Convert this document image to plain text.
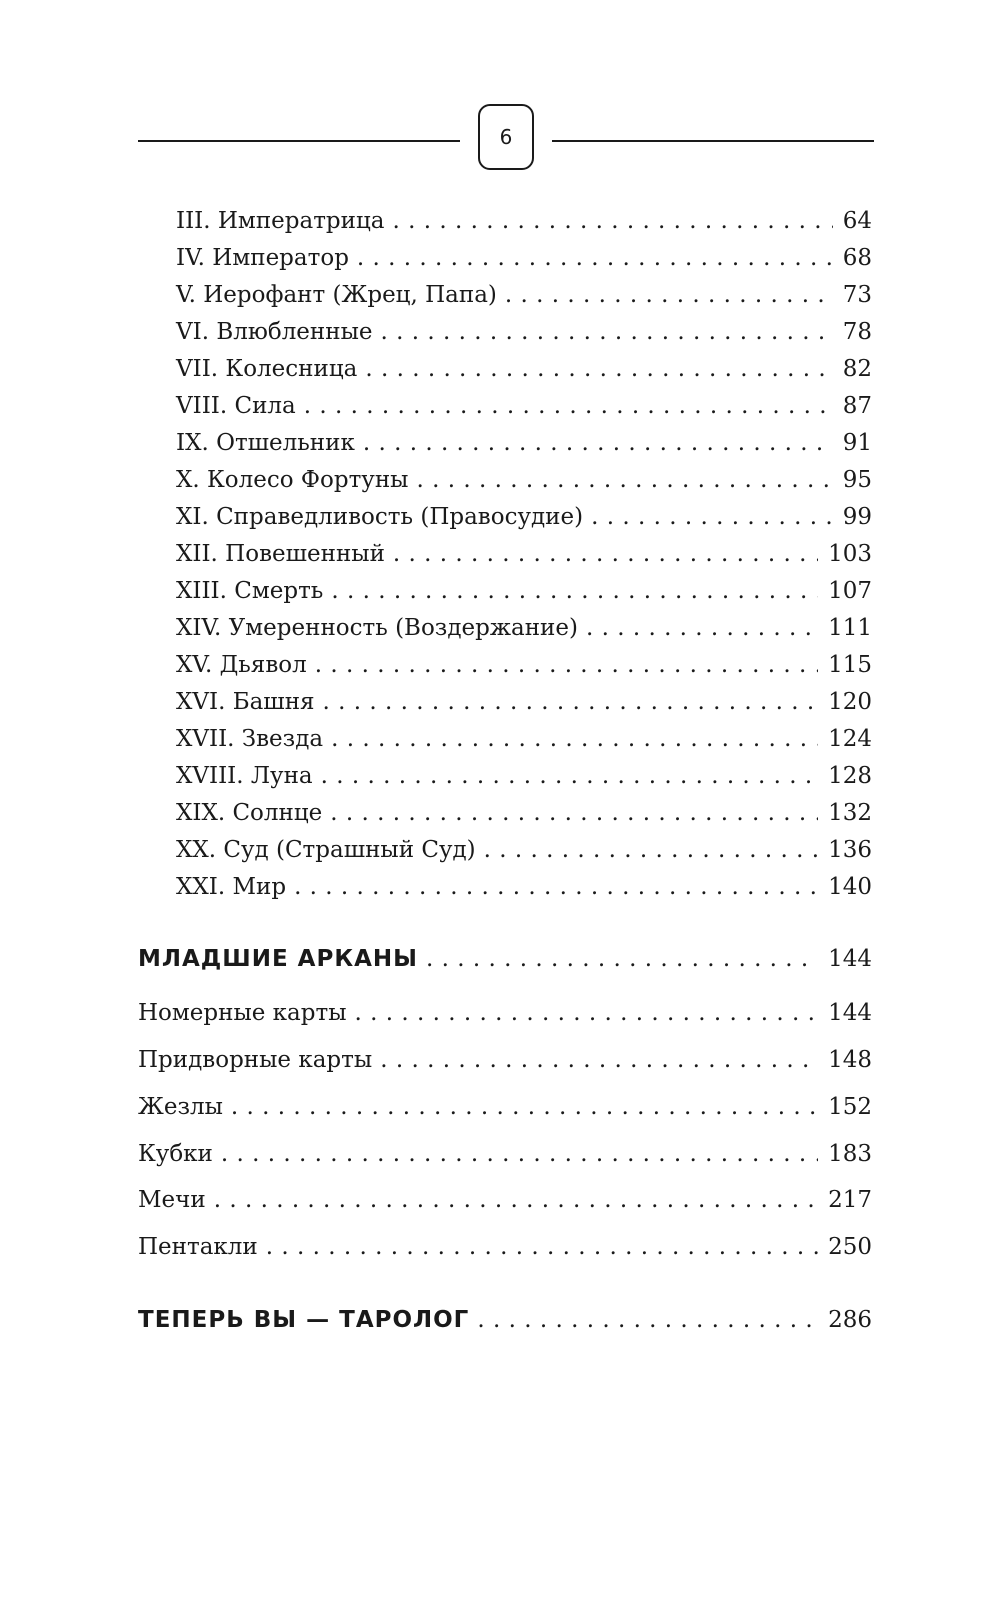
6
III. Императрица . . .	64
IV. Император . . .	68
V. Иерофант (Жрец, Папа) . . .	73
VI. Влюбленные . . .	78
VII. Колесница . . .	82
VIII. Сила . . .	87
IX. Отшельник . . .	91
X. Колесо Фортуны . . .	95
XI. Справедливость (Правосудие) . . .	99
XII. Повешенный . . .	103
XIII. Смерть . . .	107
XIV. Умеренность (Воздержание) . . .	111
XV. Дьявол . . .	115
XVI. Башня . . .	120
XVII. Звезда . . .	124
XVIII. Луна . . .	128
XIX. Солнце . . .	132
XX. Суд (Страшный Суд) . . .	136
XXI. Мир . . .	140
МЛАДШИЕ АРКАНЫ . . .	144
Номерные карты . . .	144
Придворные карты . . .	148
Жезлы . . .	152
Кубки . . .	183
Мечи . . .	217
Пентакли . . .	250
ТЕПЕРЬ ВЫ — ТАРОЛОГ . . .	286
